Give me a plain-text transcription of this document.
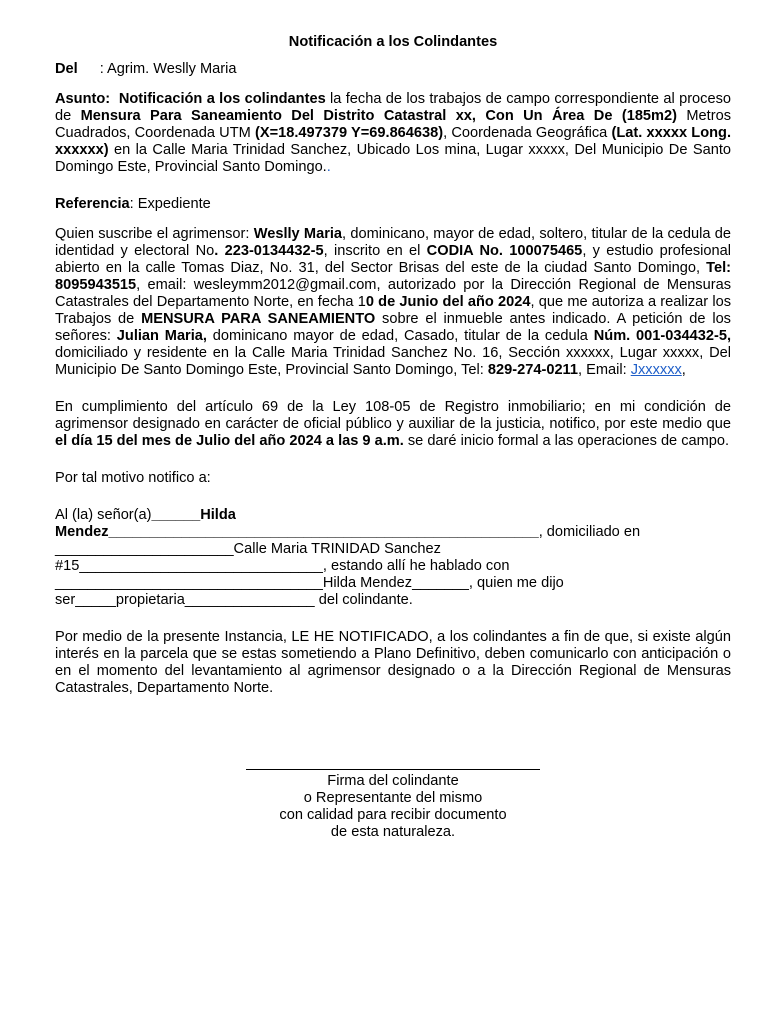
Notificación a los Colindantes

Del : Agrim. Weslly Maria

Asunto: Notificación a los colindantes la fecha de los trabajos de campo correspondiente al proceso de Mensura Para Saneamiento Del Distrito Catastral xx, Con Un Área De (185m2) Metros Cuadrados, Coordenada UTM (X=18.497379 Y=69.864638), Coordenada Geográfica (Lat. xxxxx Long. xxxxxx) en la Calle Maria Trinidad Sanchez, Ubicado Los mina, Lugar xxxxx, Del Municipio De Santo Domingo Este, Provincial Santo Domingo..

Referencia: Expediente

Quien suscribe el agrimensor: Weslly Maria, dominicano, mayor de edad, soltero, titular de la cedula de identidad y electoral No. 223-0134432-5, inscrito en el CODIA No. 100075465, y estudio profesional abierto en la calle Tomas Diaz, No. 31, del Sector Brisas del este de la ciudad Santo Domingo, Tel: 8095943515, email: wesleymm2012@gmail.com, autorizado por la Dirección Regional de Mensuras Catastrales del Departamento Norte, en fecha 10 de Junio del año 2024, que me autoriza a realizar los Trabajos de MENSURA PARA SANEAMIENTO sobre el inmueble antes indicado. A petición de los señores: Julian Maria, dominicano mayor de edad, Casado, titular de la cedula Núm. 001-034432-5, domiciliado y residente en la Calle Maria Trinidad Sanchez No. 16, Sección xxxxxx, Lugar xxxxx, Del Municipio De Santo Domingo Este, Provincial Santo Domingo, Tel: 829-274-0211, Email: Jxxxxxx,

En cumplimiento del artículo 69 de la Ley 108-05 de Registro inmobiliario; en mi condición de agrimensor designado en carácter de oficial público y auxiliar de la justicia, notifico, por este medio que el día 15 del mes de Julio del año 2024 a las 9 a.m. se daré inicio formal a las operaciones de campo.

Por tal motivo notifico a:

Al (la) señor(a)______Hilda

Mendez_____________________________________________________, domiciliado en

______________________Calle Maria TRINIDAD Sanchez

#15______________________________, estando allí he hablado con

_________________________________Hilda Mendez_______, quien me dijo

ser_____propietaria________________ del colindante.

Por medio de la presente Instancia, LE HE NOTIFICADO, a los colindantes a fin de que, si existe algún interés en la parcela que se estas sometiendo a Plano Definitivo, deben comunicarlo con anticipación o en el momento del levantamiento al agrimensor designado o a la Dirección Regional de Mensuras Catastrales, Departamento Norte.

Firma del colindante

o Representante del mismo

con calidad para recibir documento

de esta naturaleza.
